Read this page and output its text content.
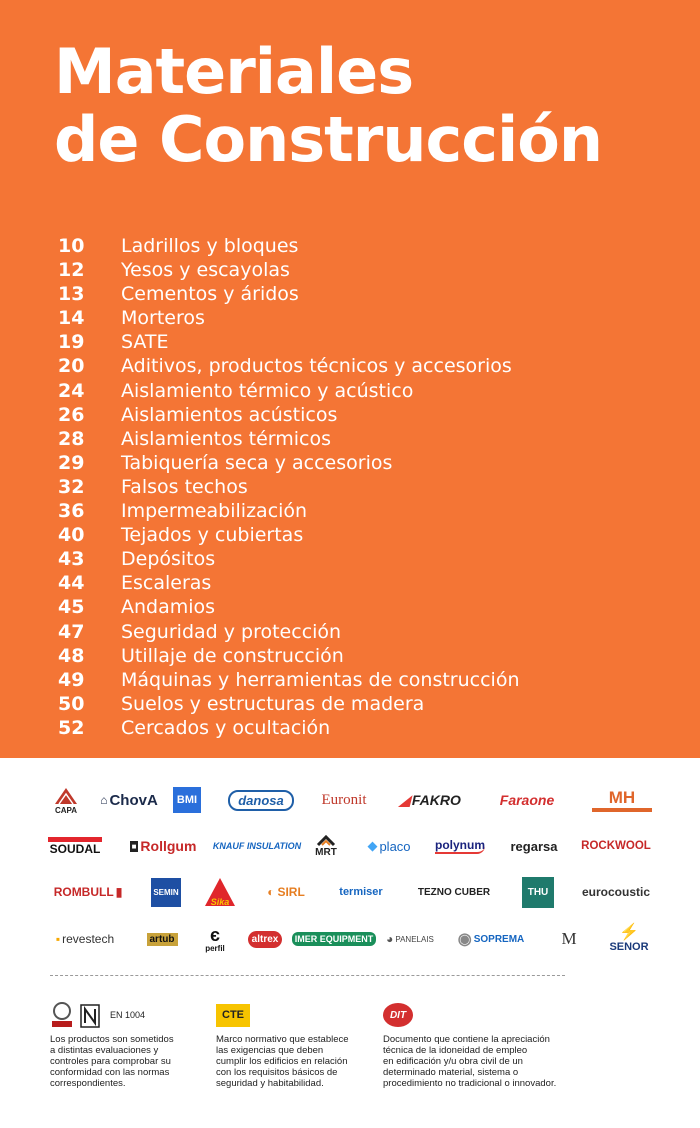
Materiales
de Construcción
10	Ladrillos y bloques
12	Yesos y escayolas
13	Cementos y áridos
14	Morteros
19	SATE
20	Aditivos, productos técnicos y accesorios
24	Aislamiento térmico y acústico
26	Aislamientos acústicos
28	Aislamientos térmicos
29	Tabiquería seca y accesorios
32	Falsos techos
36	Impermeabilización
40	Tejados y cubiertas
43	Depósitos
44	Escaleras
45	Andamios
47	Seguridad y protección
48	Utillaje de construcción
49	Máquinas y herramientas de construcción
50	Suelos y estructuras de madera
52	Cercados y ocultación
CAPA
⌂ ChovA	BMI	danosa	Euronit	◢ FAKRO	Faraone	MH
SOUDAL	■ Rollgum KNAUF INSULATION
MRT ◆ placo polynum	regarsa	ROCKWOOL
ROMBULL ▮	SEMIN
Sika
◐ SIRL	termiser	TEZNO CUBER	THU	eurocoustic
▪ revestech	artub є
perfil
altrex	IMER EQUIPMENT ◕ PANELAIS ◉ SOPREMA	M	⚡
SENOR
EN 1004

Los productos son sometidos
a distintas evaluaciones y
controles para comprobar su
conformidad con las normas
correspondientes.

CTE

Marco normativo que establece
las exigencias que deben
cumplir los edificios en relación
con los requisitos básicos de
seguridad y habitabilidad.

DIT

Documento que contiene la apreciación
técnica de la idoneidad de empleo
en edificación y/u obra civil de un
determinado material, sistema o
procedimiento no tradicional o innovador.
